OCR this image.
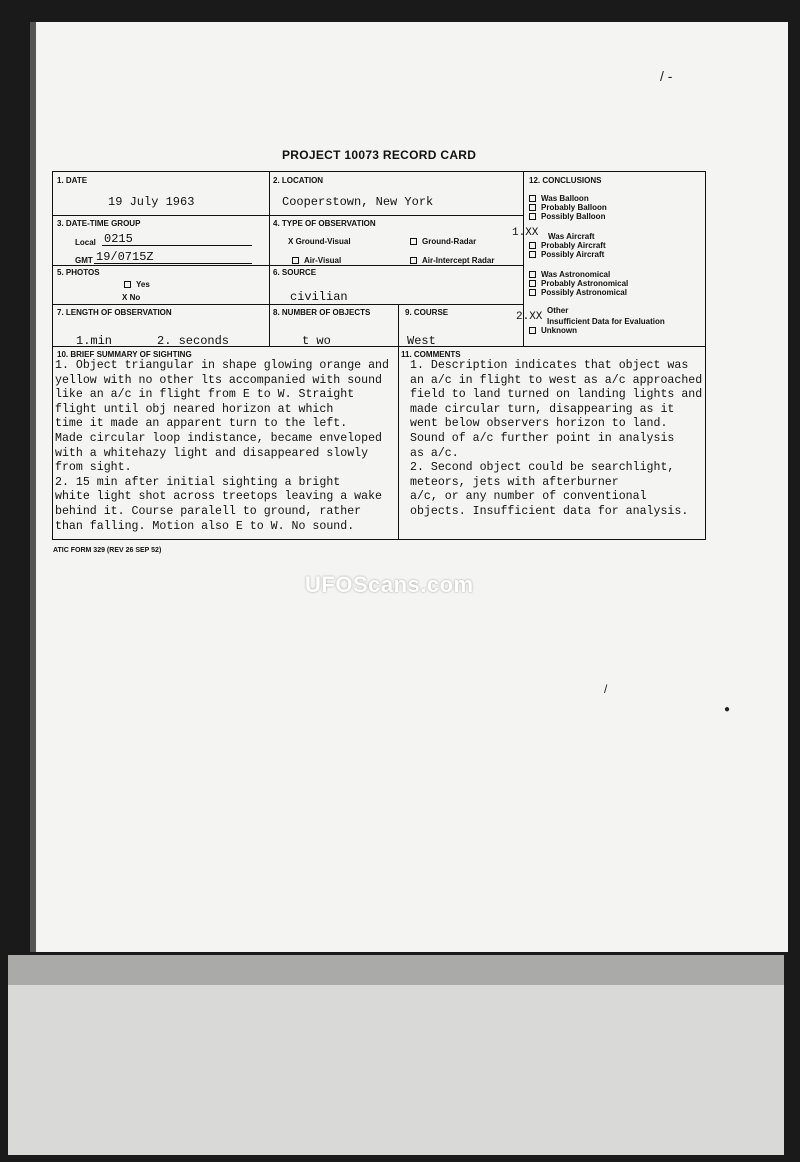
/ -
PROJECT 10073 RECORD CARD
1. DATE
19 July 1963
2. LOCATION
Cooperstown, New York
3. DATE-TIME GROUP
Local 0215
GMT 19/0715Z
4. TYPE OF OBSERVATION
X Ground-Visual	Ground-Radar
Air-Visual	Air-Intercept Radar
5. PHOTOS
Yes
X No
6. SOURCE
civilian
7. LENGTH OF OBSERVATION
1.min	2. seconds
8. NUMBER OF OBJECTS
t wo
9. COURSE
West
12. CONCLUSIONS
Was Balloon
Probably Balloon
Possibly Balloon
1.XX Was Aircraft
Probably Aircraft
Possibly Aircraft
Was Astronomical
Probably Astronomical
Possibly Astronomical
Other
2.XX Insufficient Data for Evaluation
Unknown
10. BRIEF SUMMARY OF SIGHTING
1. Object triangular in shape glowing orange and
yellow with no other lts accompanied with sound
like an a/c in flight from E to W. Straight
flight until obj neared horizon at which
time it made an apparent turn to the left.
Made circular loop indistance, became enveloped
with a whitehazy light and disappeared slowly
from sight.
2. 15 min after initial sighting a bright
white light shot across treetops leaving a wake
behind it. Course paralell to ground, rather
than falling. Motion also E to W. No sound.
11. COMMENTS
1. Description indicates that object was
an a/c in flight to west as a/c approached
field to land turned on landing lights and
made circular turn, disappearing as it
went below observers horizon to land.
Sound of a/c further point in analysis
as a/c.
2. Second object could be searchlight,
meteors, jets with afterburner
a/c, or any number of conventional
objects. Insufficient data for analysis.
ATIC FORM 329 (REV 26 SEP 52)
UFOScans.com
/
●
